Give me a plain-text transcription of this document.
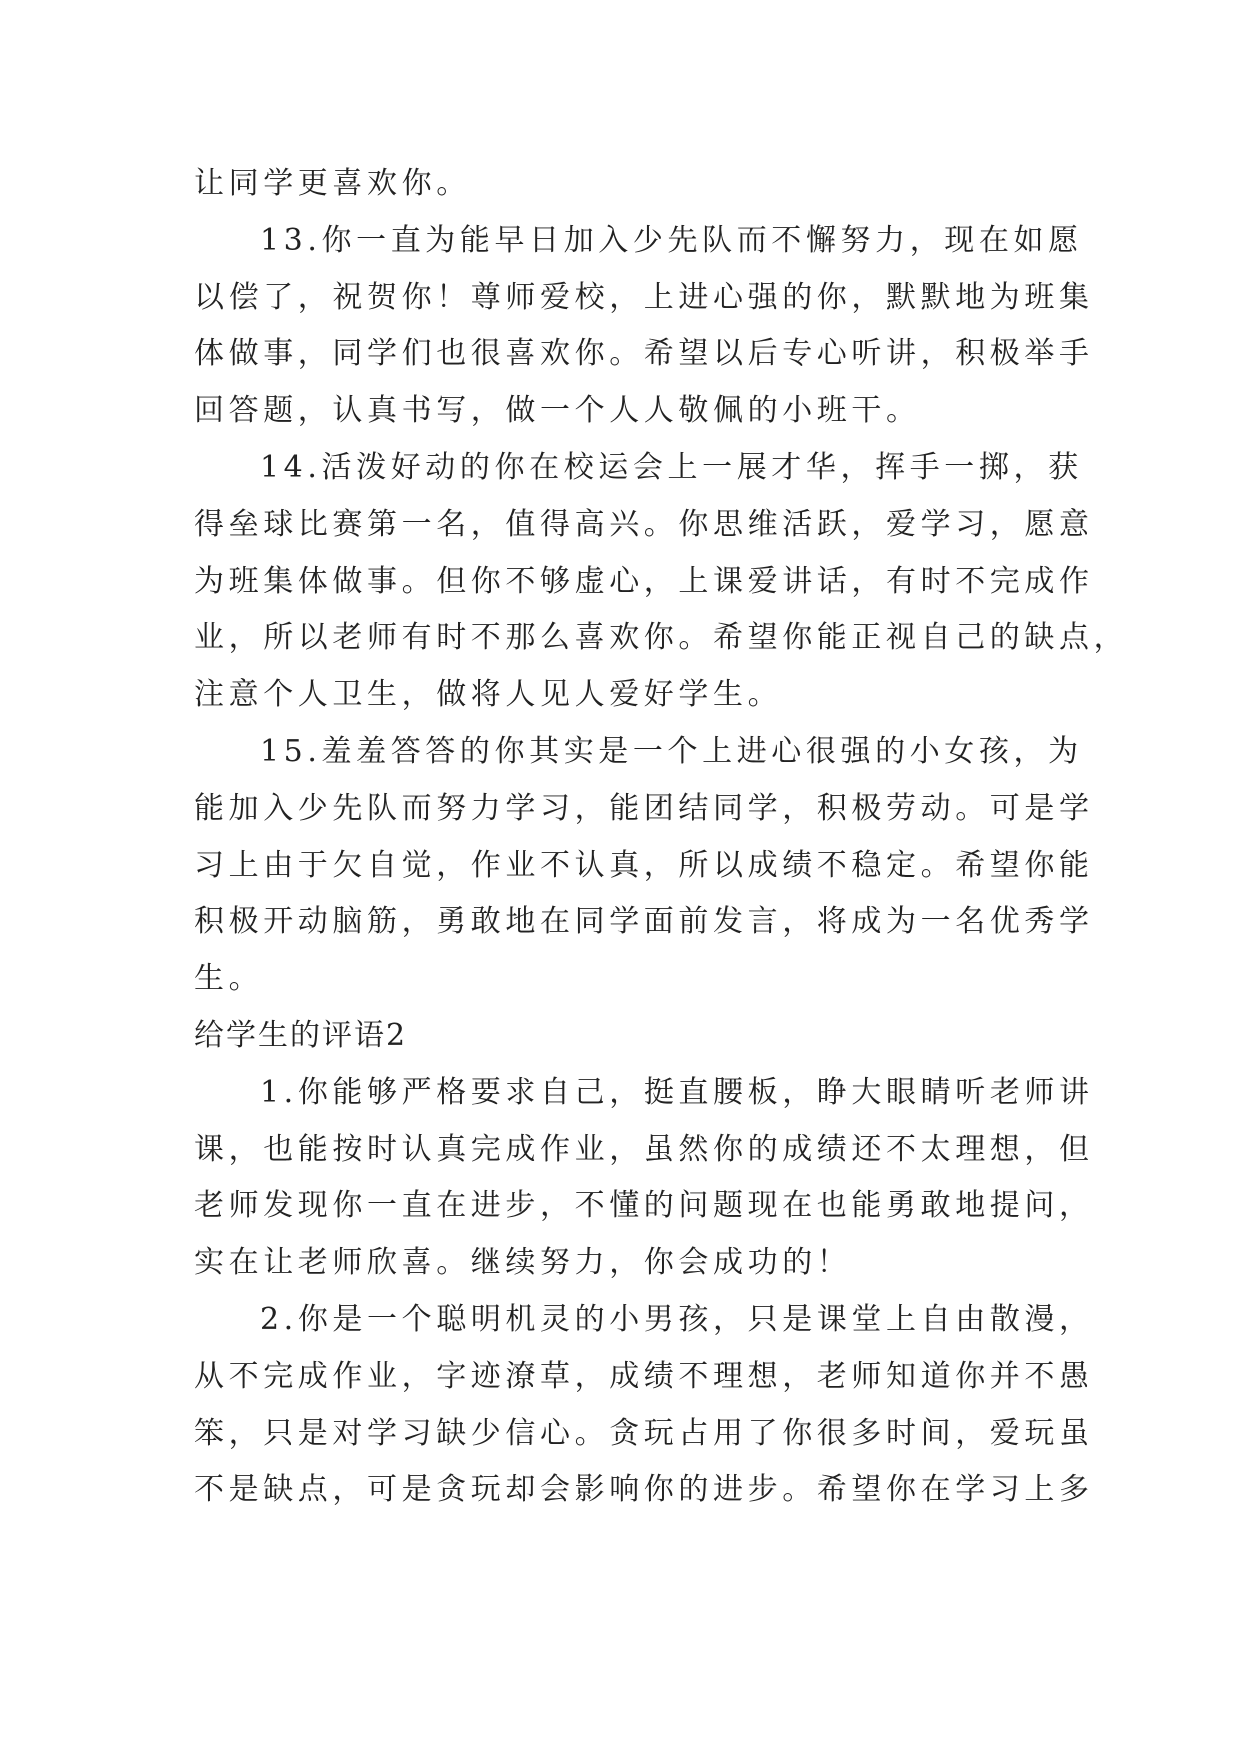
让同学更喜欢你。
13.你一直为能早日加入少先队而不懈努力，现在如愿
以偿了，祝贺你！尊师爱校，上进心强的你，默默地为班集
体做事，同学们也很喜欢你。希望以后专心听讲，积极举手
回答题，认真书写，做一个人人敬佩的小班干。
14.活泼好动的你在校运会上一展才华，挥手一掷，获
得垒球比赛第一名，值得高兴。你思维活跃，爱学习，愿意
为班集体做事。但你不够虚心，上课爱讲话，有时不完成作
业，所以老师有时不那么喜欢你。希望你能正视自己的缺点，
注意个人卫生，做将人见人爱好学生。
15.羞羞答答的你其实是一个上进心很强的小女孩，为
能加入少先队而努力学习，能团结同学，积极劳动。可是学
习上由于欠自觉，作业不认真，所以成绩不稳定。希望你能
积极开动脑筋，勇敢地在同学面前发言，将成为一名优秀学
生。
给学生的评语2
1.你能够严格要求自己，挺直腰板，睁大眼睛听老师讲
课，也能按时认真完成作业，虽然你的成绩还不太理想，但
老师发现你一直在进步，不懂的问题现在也能勇敢地提问，
实在让老师欣喜。继续努力，你会成功的！
2.你是一个聪明机灵的小男孩，只是课堂上自由散漫，
从不完成作业，字迹潦草，成绩不理想，老师知道你并不愚
笨，只是对学习缺少信心。贪玩占用了你很多时间，爱玩虽
不是缺点，可是贪玩却会影响你的进步。希望你在学习上多
